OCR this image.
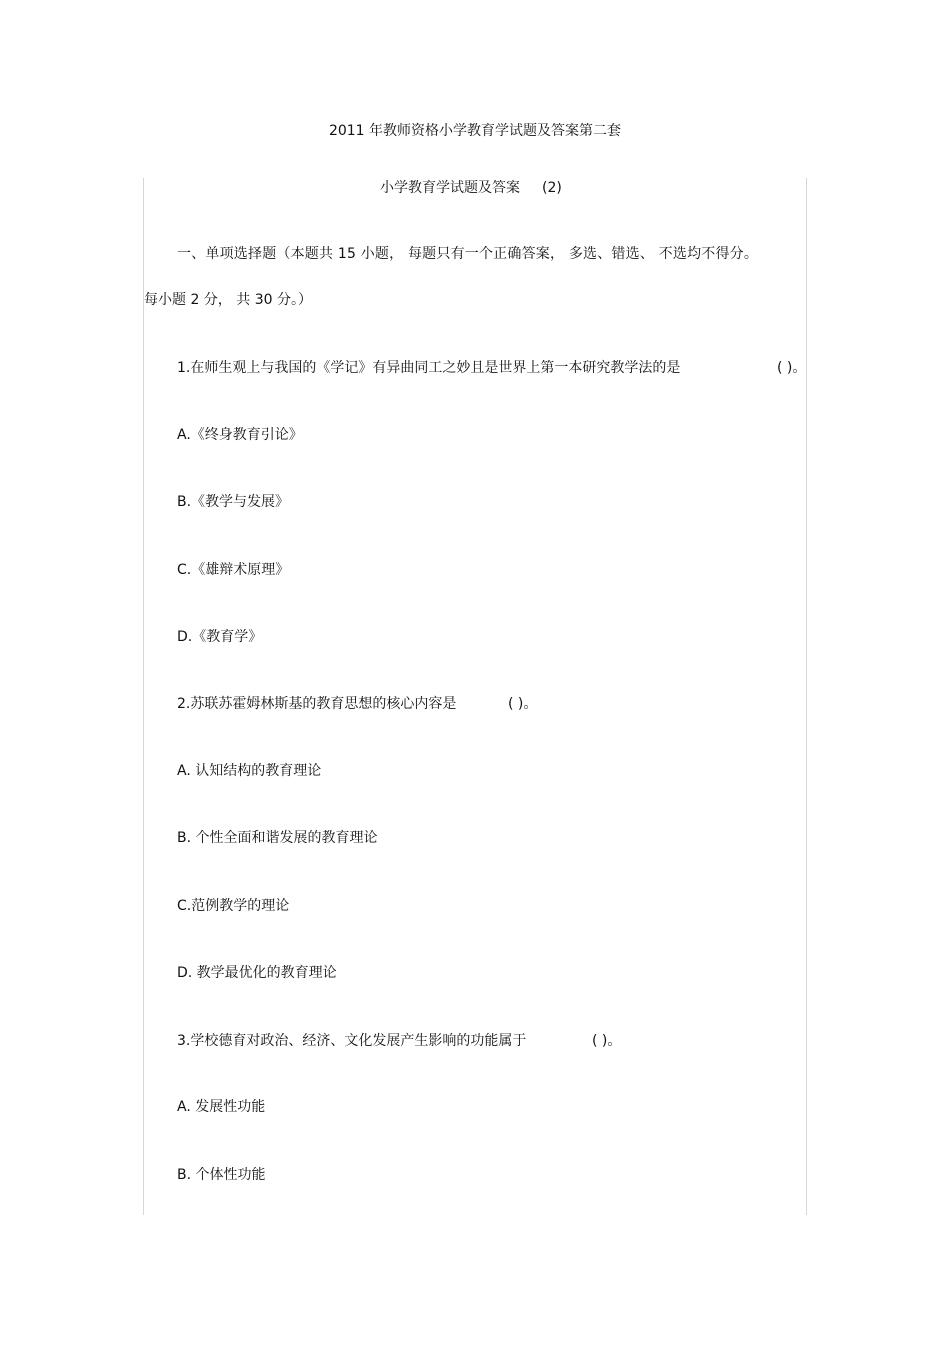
2011 年教师资格小学教育学试题及答案第二套
小学教育学试题及答案 (2)
一、单项选择题（本题共 15 小题， 每题只有一个正确答案， 多选、错选、 不选均不得分。
每小题 2 分， 共 30 分。）
1.在师生观上与我国的《学记》有异曲同工之妙且是世界上第一本研究教学法的是	( )。
A.《终身教育引论》
B.《教学与发展》
C.《雄辩术原理》
D.《教育学》
2.苏联苏霍姆林斯基的教育思想的核心内容是	( )。
A. 认知结构的教育理论
B. 个性全面和谐发展的教育理论
C.范例教学的理论
D. 教学最优化的教育理论
3.学校德育对政治、经济、文化发展产生影响的功能属于	( )。
A. 发展性功能
B. 个体性功能
